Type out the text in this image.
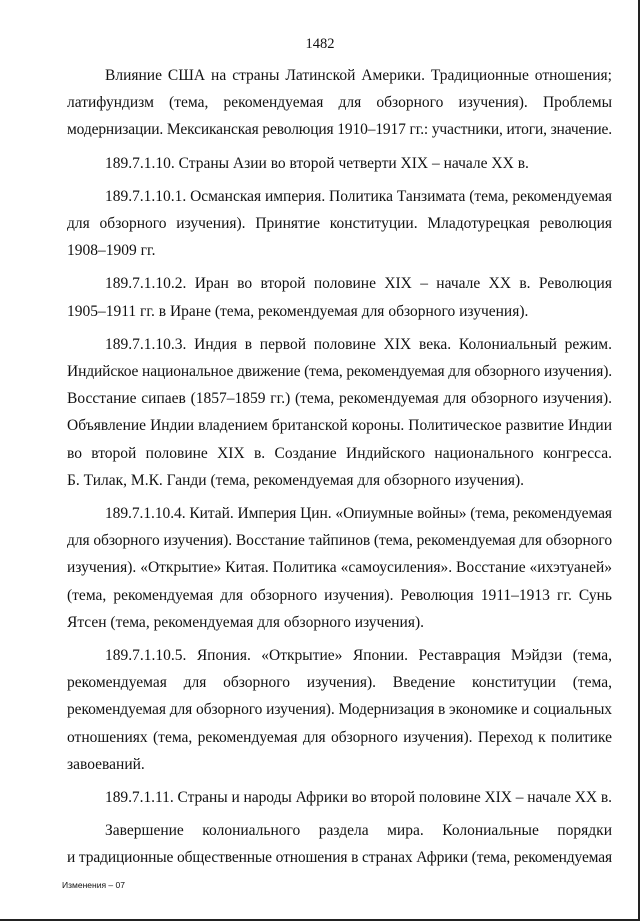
1482

Влияние США на страны Латинской Америки. Традиционные отношения;
латифундизм (тема, рекомендуемая для обзорного изучения). Проблемы
модернизации. Мексиканская революция 1910–1917 гг.: участники, итоги, значение.

189.7.1.10. Страны Азии во второй четверти XIX – начале XX в.

189.7.1.10.1. Османская империя. Политика Танзимата (тема, рекомендуемая
для обзорного изучения). Принятие конституции. Младотурецкая революция
1908–1909 гг.

189.7.1.10.2. Иран во второй половине XIX – начале XX в. Революция
1905–1911 гг. в Иране (тема, рекомендуемая для обзорного изучения).

189.7.1.10.3. Индия в первой половине XIX века. Колониальный режим.
Индийское национальное движение (тема, рекомендуемая для обзорного изучения).
Восстание сипаев (1857–1859 гг.) (тема, рекомендуемая для обзорного изучения).
Объявление Индии владением британской короны. Политическое развитие Индии
во второй половине XIX в. Создание Индийского национального конгресса.
Б. Тилак, М.К. Ганди (тема, рекомендуемая для обзорного изучения).

189.7.1.10.4. Китай. Империя Цин. «Опиумные войны» (тема, рекомендуемая
для обзорного изучения). Восстание тайпинов (тема, рекомендуемая для обзорного
изучения). «Открытие» Китая. Политика «самоусиления». Восстание «ихэтуаней»
(тема, рекомендуемая для обзорного изучения). Революция 1911–1913 гг. Сунь
Ятсен (тема, рекомендуемая для обзорного изучения).

189.7.1.10.5. Япония. «Открытие» Японии. Реставрация Мэйдзи (тема,
рекомендуемая для обзорного изучения). Введение конституции (тема,
рекомендуемая для обзорного изучения). Модернизация в экономике и социальных
отношениях (тема, рекомендуемая для обзорного изучения). Переход к политике
завоеваний.

189.7.1.11. Страны и народы Африки во второй половине XIX – начале XX в.

Завершение колониального раздела мира. Колониальные порядки
и традиционные общественные отношения в странах Африки (тема, рекомендуемая

Изменения – 07
